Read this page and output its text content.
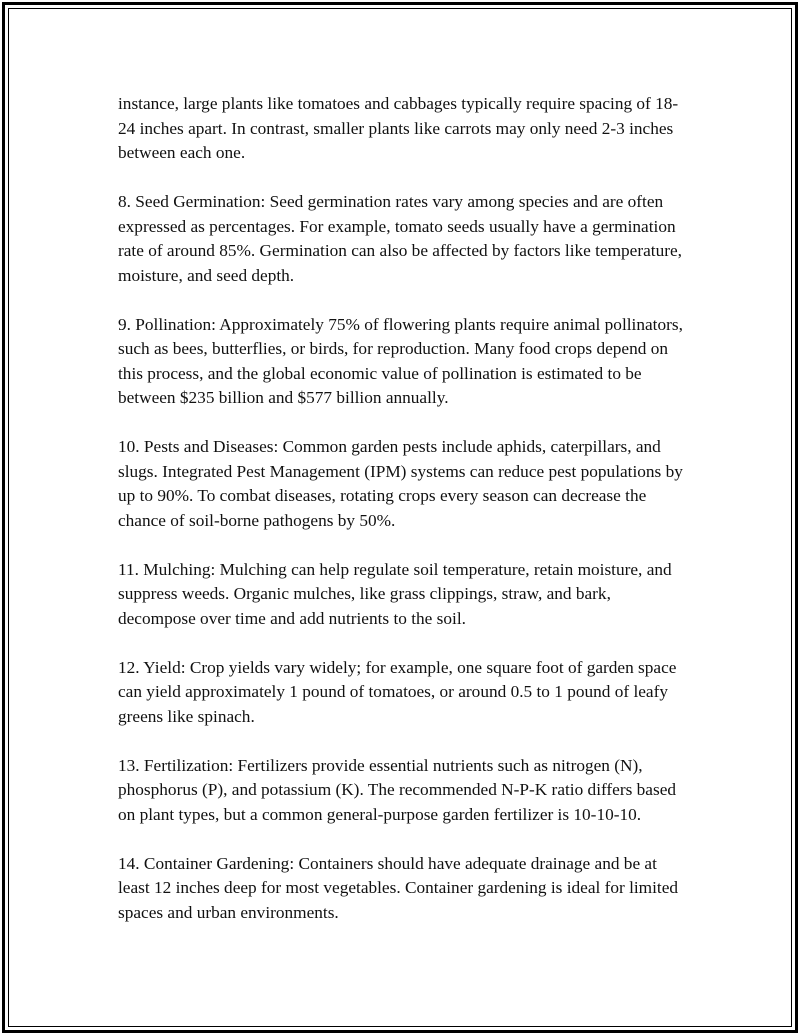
instance, large plants like tomatoes and cabbages typically require spacing of 18-24 inches apart. In contrast, smaller plants like carrots may only need 2-3 inches between each one.

8. Seed Germination: Seed germination rates vary among species and are often expressed as percentages. For example, tomato seeds usually have a germination rate of around 85%. Germination can also be affected by factors like temperature, moisture, and seed depth.

9. Pollination: Approximately 75% of flowering plants require animal pollinators, such as bees, butterflies, or birds, for reproduction. Many food crops depend on this process, and the global economic value of pollination is estimated to be between $235 billion and $577 billion annually.

10. Pests and Diseases: Common garden pests include aphids, caterpillars, and slugs. Integrated Pest Management (IPM) systems can reduce pest populations by up to 90%. To combat diseases, rotating crops every season can decrease the chance of soil-borne pathogens by 50%.

11. Mulching: Mulching can help regulate soil temperature, retain moisture, and suppress weeds. Organic mulches, like grass clippings, straw, and bark, decompose over time and add nutrients to the soil.

12. Yield: Crop yields vary widely; for example, one square foot of garden space can yield approximately 1 pound of tomatoes, or around 0.5 to 1 pound of leafy greens like spinach.

13. Fertilization: Fertilizers provide essential nutrients such as nitrogen (N), phosphorus (P), and potassium (K). The recommended N-P-K ratio differs based on plant types, but a common general-purpose garden fertilizer is 10-10-10.

14. Container Gardening: Containers should have adequate drainage and be at least 12 inches deep for most vegetables. Container gardening is ideal for limited spaces and urban environments.
